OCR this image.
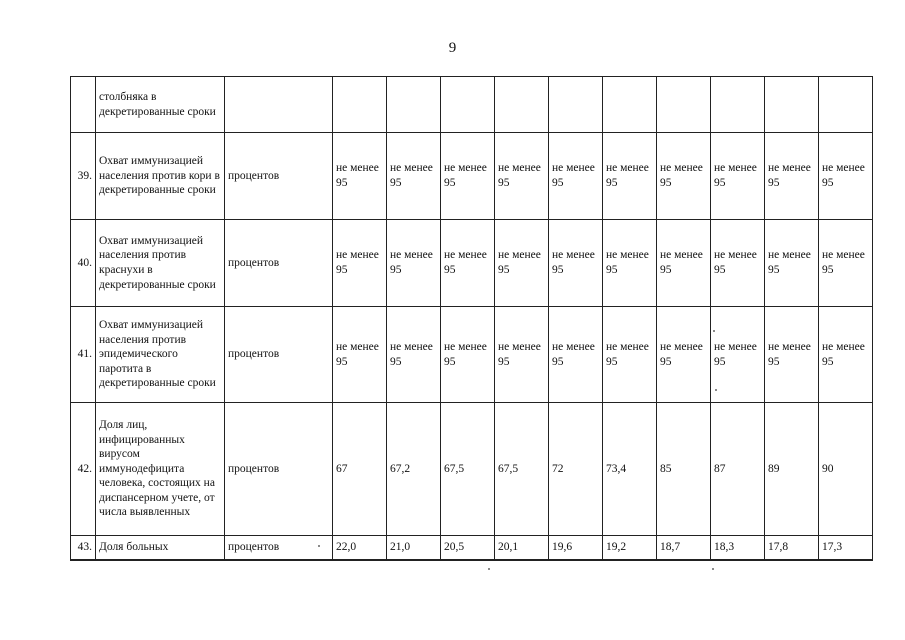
9
	столбняка в декретированные сроки											
39.	Охват иммунизацией населения против кори в декретированные сроки	процентов	не менее 95	не менее 95	не менее 95	не менее 95	не менее 95	не менее 95	не менее 95	не менее 95	не менее 95	не менее 95
40.	Охват иммунизацией населения против краснухи в декретированные сроки	процентов	не менее 95	не менее 95	не менее 95	не менее 95	не менее 95	не менее 95	не менее 95	не менее 95	не менее 95	не менее 95
41.	Охват иммунизацией населения против эпидемического паротита в декретированные сроки	процентов	не менее 95	не менее 95	не менее 95	не менее 95	не менее 95	не менее 95	не менее 95	не менее 95	не менее 95	не менее 95
42.	Доля лиц, инфицированных вирусом иммунодефицита человека, состоящих на диспансерном учете, от числа выявленных	процентов	67	67,2	67,5	67,5	72	73,4	85	87	89	90
43.	Доля больных	процентов	22,0	21,0	20,5	20,1	19,6	19,2	18,7	18,3	17,8	17,3
